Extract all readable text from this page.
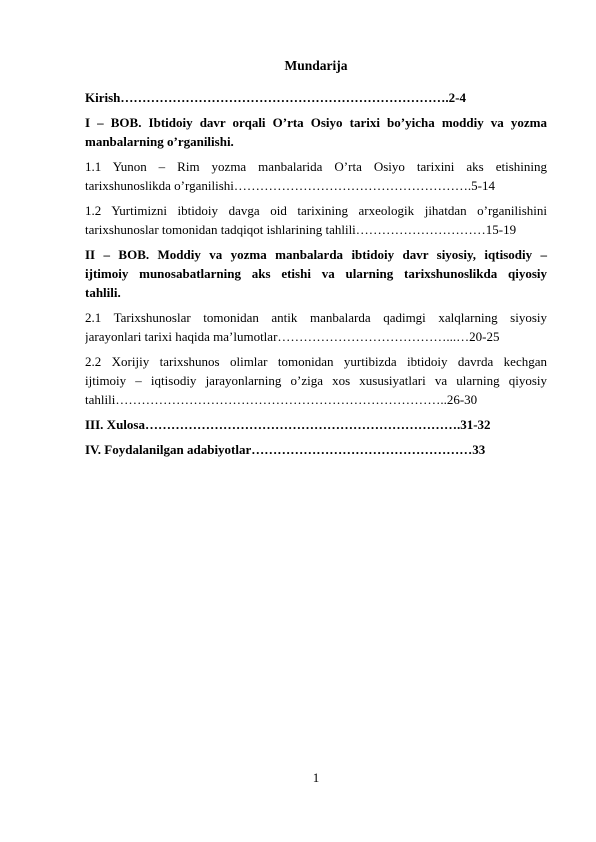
Mundarija
Kirish………………………………………………………………….2-4
I – BOB. Ibtidoiy davr orqali O’rta Osiyo tarixi bo’yicha moddiy va yozma
manbalarning o’rganilishi.
1.1 Yunon – Rim yozma manbalarida O’rta Osiyo tarixini aks etishining
tarixshunoslikda o’rganilishi……………………………………………….5-14
1.2 Yurtimizni ibtidoiy davga oid tarixining arxeologik jihatdan o’rganilishini
tarixshunoslar tomonidan tadqiqot ishlarining tahlili…………………………15-19
II – BOB. Moddiy va yozma manbalarda ibtidoiy davr siyosiy, iqtisodiy –
ijtimoiy munosabatlarning aks etishi va ularning tarixshunoslikda qiyosiy
tahlili.
2.1 Tarixshunoslar tomonidan antik manbalarda qadimgi xalqlarning siyosiy
jarayonlari tarixi haqida ma’lumotlar…………………………………...…20-25
2.2 Xorijiy tarixshunos olimlar tomonidan yurtibizda ibtidoiy davrda kechgan
ijtimoiy – iqtisodiy jarayonlarning o’ziga xos xususiyatlari va ularning qiyosiy
tahlili…………………………………………………………………..26-30
III. Xulosa……………………………………………………………….31-32
IV. Foydalanilgan adabiyotlar……………………………………………33
1
